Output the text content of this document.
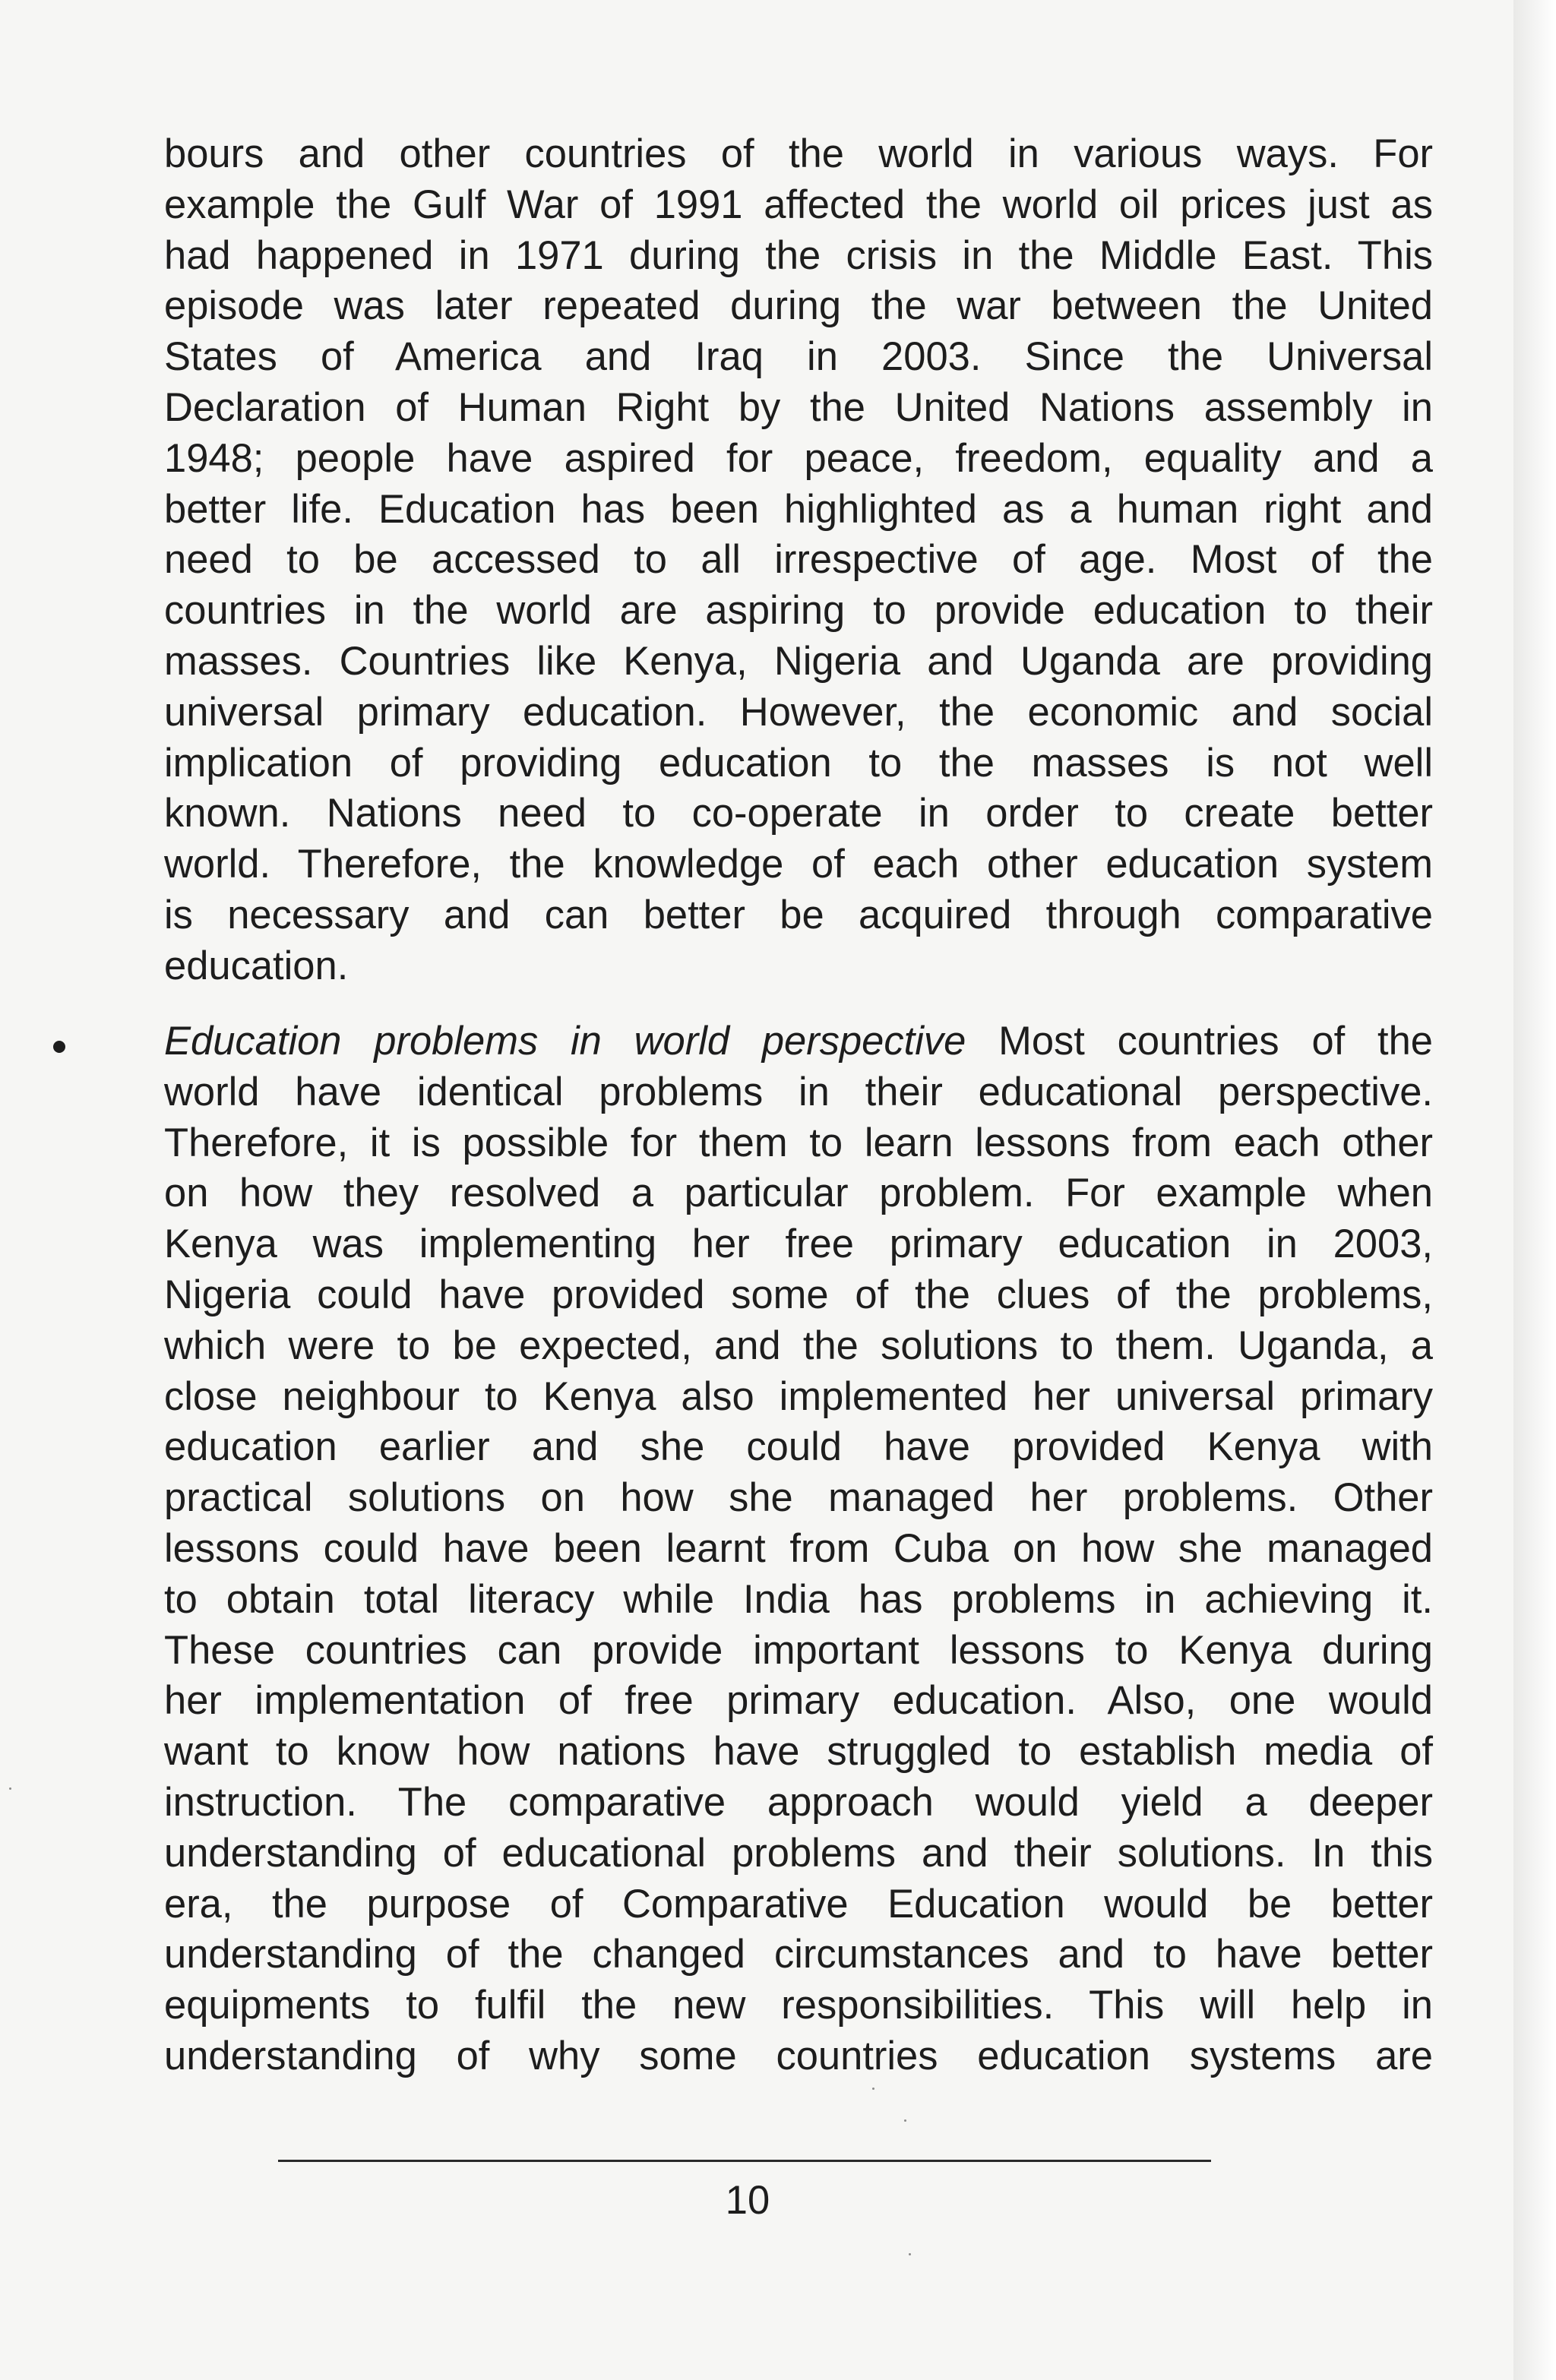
bours and other countries of the world in various ways. For
example the Gulf War of 1991 affected the world oil prices just as
had happened in 1971 during the crisis in the Middle East. This
episode was later repeated during the war between the United
States of America and Iraq in 2003. Since the Universal
Declaration of Human Right by the United Nations assembly in
1948; people have aspired for peace, freedom, equality and a
better life. Education has been highlighted as a human right and
need to be accessed to all irrespective of age. Most of the
countries in the world are aspiring to provide education to their
masses. Countries like Kenya, Nigeria and Uganda are providing
universal primary education. However, the economic and social
implication of providing education to the masses is not well
known. Nations need to co-operate in order to create better
world. Therefore, the knowledge of each other education system
is necessary and can better be acquired through comparative
education.
Education problems in world perspective Most countries of the
world have identical problems in their educational perspective.
Therefore, it is possible for them to learn lessons from each other
on how they resolved a particular problem. For example when
Kenya was implementing her free primary education in 2003,
Nigeria could have provided some of the clues of the problems,
which were to be expected, and the solutions to them. Uganda, a
close neighbour to Kenya also implemented her universal primary
education earlier and she could have provided Kenya with
practical solutions on how she managed her problems. Other
lessons could have been learnt from Cuba on how she managed
to obtain total literacy while India has problems in achieving it.
These countries can provide important lessons to Kenya during
her implementation of free primary education. Also, one would
want to know how nations have struggled to establish media of
instruction. The comparative approach would yield a deeper
understanding of educational problems and their solutions. In this
era, the purpose of Comparative Education would be better
understanding of the changed circumstances and to have better
equipments to fulfil the new responsibilities. This will help in
understanding of why some countries education systems are
10
